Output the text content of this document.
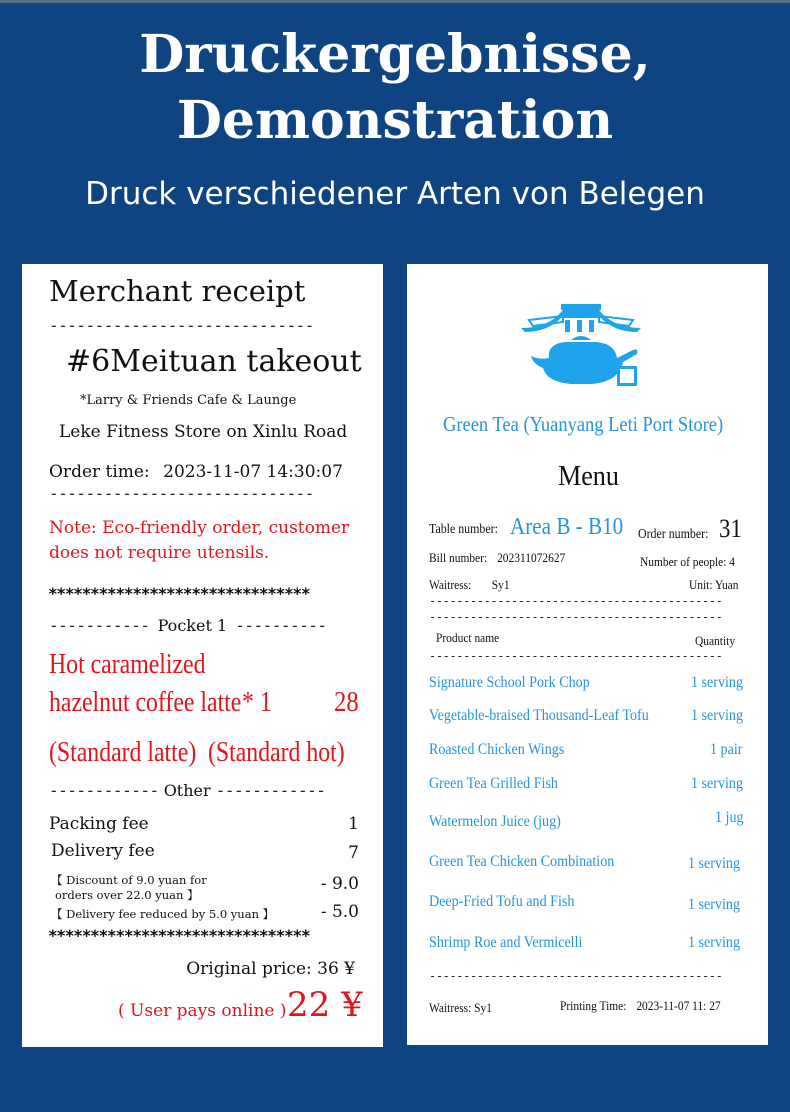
Druckergebnisse,
Demonstration
Druck verschiedener Arten von Belegen
Merchant receipt
-----------------------------
#6Meituan takeout
*Larry & Friends Cafe & Launge
Leke Fitness Store on Xinlu Road
Order time: 2023-11-07 14:30:07
-----------------------------
Note: Eco-friendly order, customer
does not require utensils.
*******************************
----------- Pocket 1 ----------
Hot caramelized
hazelnut coffee latte * 1 28
(Standard latte) (Standard hot)
------------ Other ------------
Packing fee	1
Delivery fee	7
【 Discount of 9.0 yuan for
orders over 22.0 yuan 】
- 9.0
【 Delivery fee reduced by 5.0 yuan 】	- 5.0
*******************************
Original price: 36 ¥
( User pays online ) 22 ¥
Green Tea (Yuanyang Leti Port Store)
Menu
Table number: Area B - B10 Order number: 31
Bill number: 202311072627	Number of people: 4
Waitress: Sy1	Unit: Yuan
-------------------------------------------
-------------------------------------------
Product name	Quantity
-------------------------------------------
Signature School Pork Chop	1 serving
Vegetable-braised Thousand-Leaf Tofu	1 serving
Roasted Chicken Wings	1 pair
Green Tea Grilled Fish	1 serving
Watermelon Juice (jug)	1 jug
Green Tea Chicken Combination	1 serving
Deep-Fried Tofu and Fish	1 serving
Shrimp Roe and Vermicelli	1 serving
-------------------------------------------
Waitress: Sy1	Printing Time: 2023-11-07 11: 27
